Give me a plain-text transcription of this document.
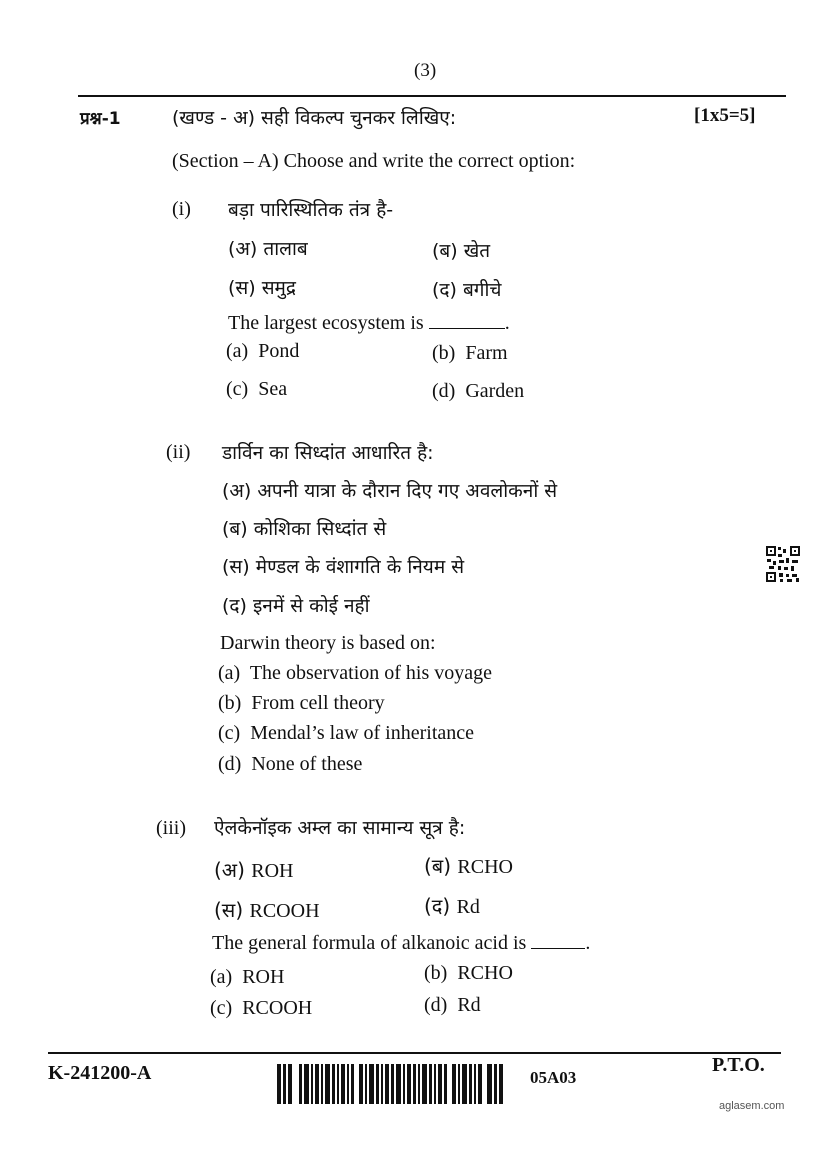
(3)
प्रश्न-1	(खण्ड - अ) सही विकल्प चुनकर लिखिए:	[1x5=5]
(Section – A) Choose and write the correct option:
(i) बड़ा पारिस्थितिक तंत्र है-
(अ) तालाब	(ब) खेत
(स) समुद्र	(द) बगीचे
The largest ecosystem is	.
(a) Pond	(b) Farm
(c) Sea	(d) Garden
(ii) डार्विन का सिध्दांत आधारित है:
(अ) अपनी यात्रा के दौरान दिए गए अवलोकनों से
(ब) कोशिका सिध्दांत से
(स) मेण्डल के वंशागति के नियम से
(द) इनमें से कोई नहीं
Darwin theory is based on:
(a) The observation of his voyage
(b) From cell theory
(c) Mendal’s law of inheritance
(d) None of these
(iii) ऐलकेनॉइक अम्ल का सामान्य सूत्र है:
(अ) ROH	(ब) RCHO
(स) RCOOH	(द) Rd
The general formula of alkanoic acid is	.
(a) ROH	(b) RCHO
(c) RCOOH	(d) Rd
K-241200-A	05A03
P.T.O.
aglasem.com
